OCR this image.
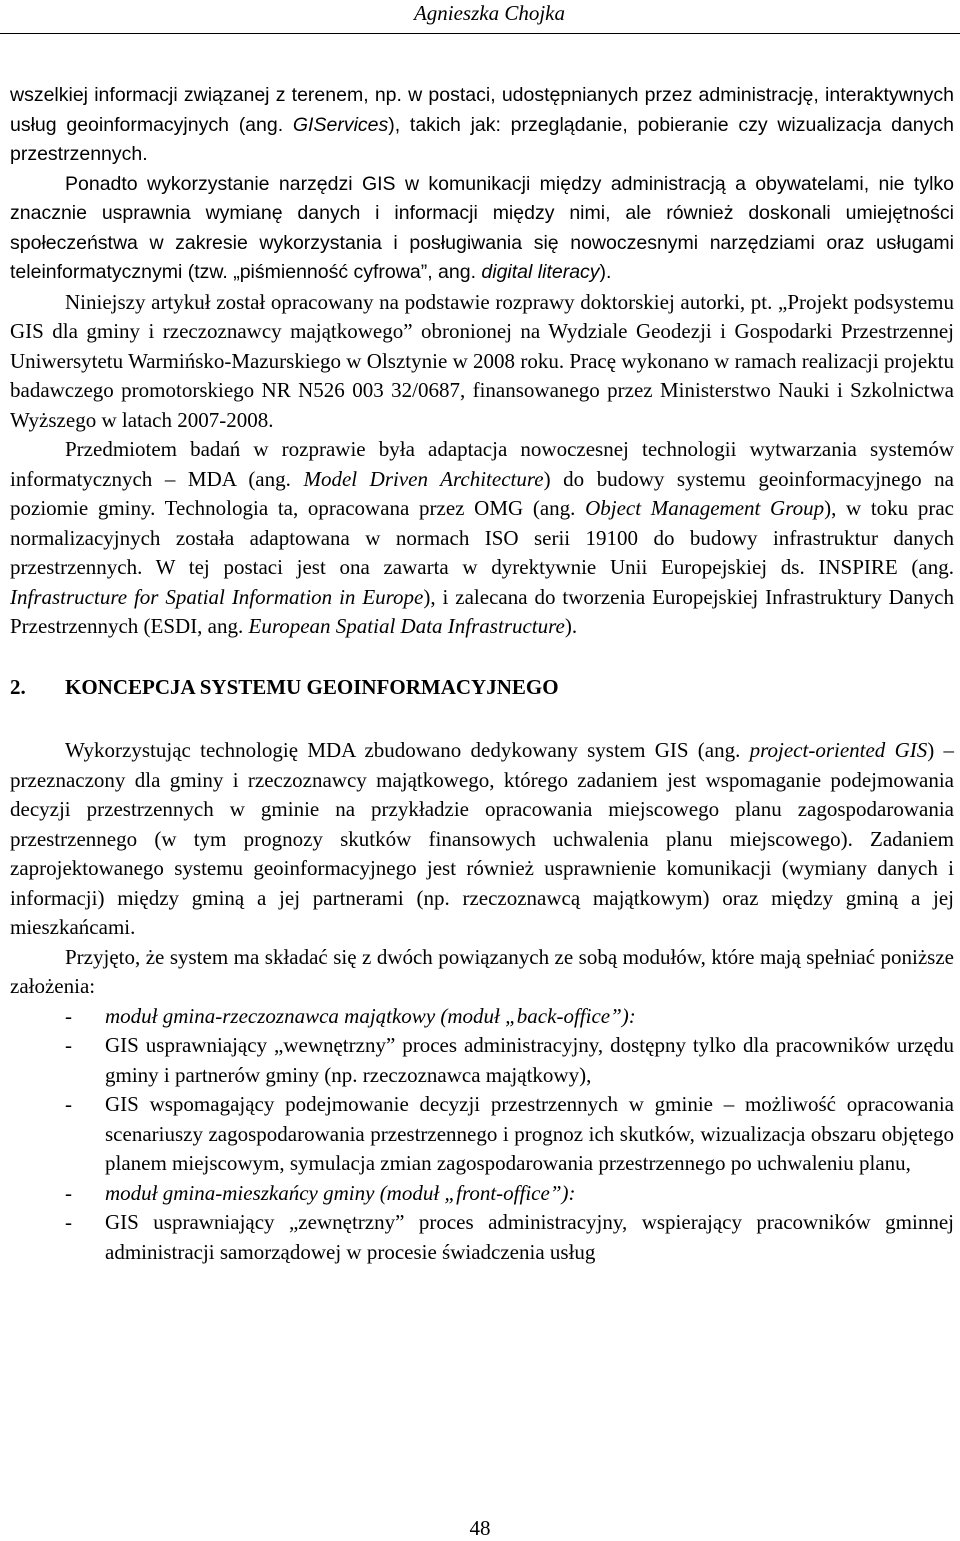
Agnieszka Chojka

wszelkiej informacji związanej z terenem, np. w postaci, udostępnianych przez administrację, interaktywnych usług geoinformacyjnych (ang. GIServices), takich jak: przeglądanie, pobieranie czy wizualizacja danych przestrzennych.

Ponadto wykorzystanie narzędzi GIS w komunikacji między administracją a obywatelami, nie tylko znacznie usprawnia wymianę danych i informacji między nimi, ale również doskonali umiejętności społeczeństwa w zakresie wykorzystania i posługiwania się nowoczesnymi narzędziami oraz usługami teleinformatycznymi (tzw. „piśmienność cyfrowa”, ang. digital literacy).

Niniejszy artykuł został opracowany na podstawie rozprawy doktorskiej autorki, pt. „Projekt podsystemu GIS dla gminy i rzeczoznawcy majątkowego” obronionej na Wydziale Geodezji i Gospodarki Przestrzennej Uniwersytetu Warmińsko-Mazurskiego w Olsztynie w 2008 roku. Pracę wykonano w ramach realizacji projektu badawczego promotorskiego NR N526 003 32/0687, finansowanego przez Ministerstwo Nauki i Szkolnictwa Wyższego w latach 2007-2008.

Przedmiotem badań w rozprawie była adaptacja nowoczesnej technologii wytwarzania systemów informatycznych – MDA (ang. Model Driven Architecture) do budowy systemu geoinformacyjnego na poziomie gminy. Technologia ta, opracowana przez OMG (ang. Object Management Group), w toku prac normalizacyjnych została adaptowana w normach ISO serii 19100 do budowy infrastruktur danych przestrzennych. W tej postaci jest ona zawarta w dyrektywnie Unii Europejskiej ds. INSPIRE (ang. Infrastructure for Spatial Information in Europe), i zalecana do tworzenia Europejskiej Infrastruktury Danych Przestrzennych (ESDI, ang. European Spatial Data Infrastructure).

2.	KONCEPCJA SYSTEMU GEOINFORMACYJNEGO

Wykorzystując technologię MDA zbudowano dedykowany system GIS (ang. project-oriented GIS) – przeznaczony dla gminy i rzeczoznawcy majątkowego, którego zadaniem jest wspomaganie podejmowania decyzji przestrzennych w gminie na przykładzie opracowania miejscowego planu zagospodarowania przestrzennego (w tym prognozy skutków finansowych uchwalenia planu miejscowego). Zadaniem zaprojektowanego systemu geoinformacyjnego jest również usprawnienie komunikacji (wymiany danych i informacji) między gminą a jej partnerami (np. rzeczoznawcą majątkowym) oraz między gminą a jej mieszkańcami.

Przyjęto, że system ma składać się z dwóch powiązanych ze sobą modułów, które mają spełniać poniższe założenia:

- moduł gmina-rzeczoznawca majątkowy (moduł „back-office”):
- GIS usprawniający „wewnętrzny” proces administracyjny, dostępny tylko dla pracowników urzędu gminy i partnerów gminy (np. rzeczoznawca majątkowy),
- GIS wspomagający podejmowanie decyzji przestrzennych w gminie – możliwość opracowania scenariuszy zagospodarowania przestrzennego i prognoz ich skutków, wizualizacja obszaru objętego planem miejscowym, symulacja zmian zagospodarowania przestrzennego po uchwaleniu planu,
- moduł gmina-mieszkańcy gminy (moduł „front-office”):
- GIS usprawniający „zewnętrzny” proces administracyjny, wspierający pracowników gminnej administracji samorządowej w procesie świadczenia usług
48
